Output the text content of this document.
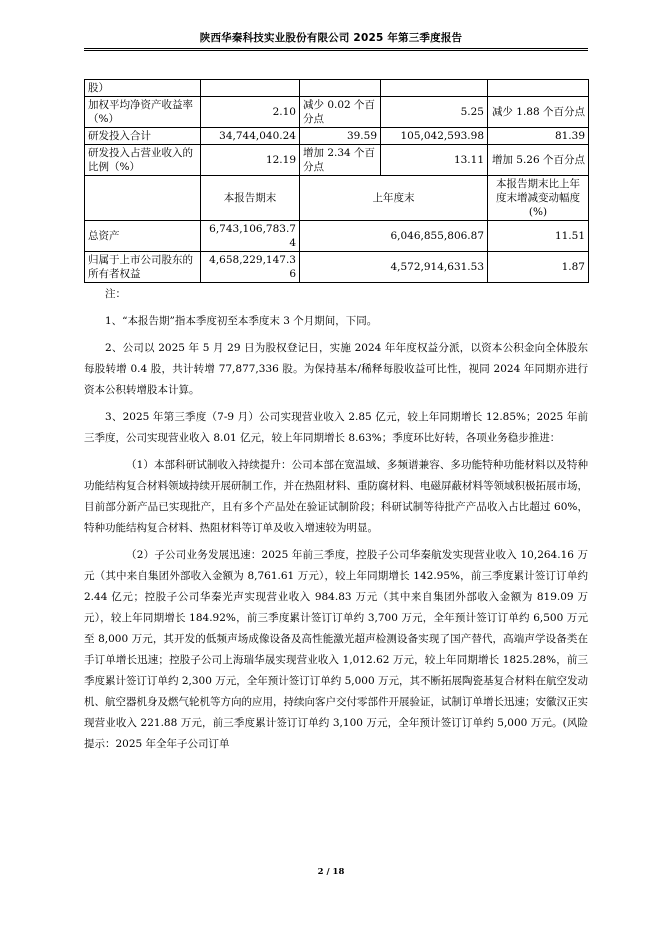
陕西华秦科技实业股份有限公司 2025 年第三季度报告
股）				
加权平均净资产收益率（%）	2.10	减少 0.02 个百分点	5.25	减少 1.88 个百分点
研发投入合计	34,744,040.24	39.59	105,042,593.98	81.39
研发投入占营业收入的比例（%）	12.19	增加 2.34 个百分点	13.11	增加 5.26 个百分点
	本报告期末	上年度末		本报告期末比上年度末增减变动幅度(%)
总资产	6,743,106,783.74	6,046,855,806.87		11.51
归属于上市公司股东的所有者权益	4,658,229,147.36	4,572,914,631.53		1.87

注：

1、“本报告期”指本季度初至本季度末 3 个月期间，下同。

2、公司以 2025 年 5 月 29 日为股权登记日，实施 2024 年年度权益分派，以资本公积金向全体股东每股转增 0.4 股，共计转增 77,877,336 股。为保持基本/稀释每股收益可比性，视同 2024 年同期亦进行资本公积转增股本计算。

3、2025 年第三季度（7-9 月）公司实现营业收入 2.85 亿元，较上年同期增长 12.85%；2025 年前三季度，公司实现营业收入 8.01 亿元，较上年同期增长 8.63%；季度环比好转，各项业务稳步推进：

（1）本部科研试制收入持续提升：公司本部在宽温域、多频谱兼容、多功能特种功能材料以及特种功能结构复合材料领域持续开展研制工作，并在热阻材料、重防腐材料、电磁屏蔽材料等领域积极拓展市场，目前部分新产品已实现批产，且有多个产品处在验证试制阶段；科研试制等待批产产品收入占比超过 60%，特种功能结构复合材料、热阻材料等订单及收入增速较为明显。

（2）子公司业务发展迅速：2025 年前三季度，控股子公司华秦航发实现营业收入 10,264.16 万元（其中来自集团外部收入金额为 8,761.61 万元），较上年同期增长 142.95%，前三季度累计签订订单约 2.44 亿元；控股子公司华秦光声实现营业收入 984.83 万元（其中来自集团外部收入金额为 819.09 万元），较上年同期增长 184.92%，前三季度累计签订订单约 3,700 万元，全年预计签订订单约 6,500 万元至 8,000 万元，其开发的低频声场成像设备及高性能激光超声检测设备实现了国产替代，高端声学设备类在手订单增长迅速；控股子公司上海瑞华晟实现营业收入 1,012.62 万元，较上年同期增长 1825.28%，前三季度累计签订订单约 2,300 万元，全年预计签订订单约 5,000 万元，其不断拓展陶瓷基复合材料在航空发动机、航空器机身及燃气轮机等方向的应用，持续向客户交付零部件开展验证，试制订单增长迅速；安徽汉正实现营业收入 221.88 万元，前三季度累计签订订单约 3,100 万元，全年预计签订订单约 5,000 万元。(风险提示：2025 年全年子公司订单

2 / 18
